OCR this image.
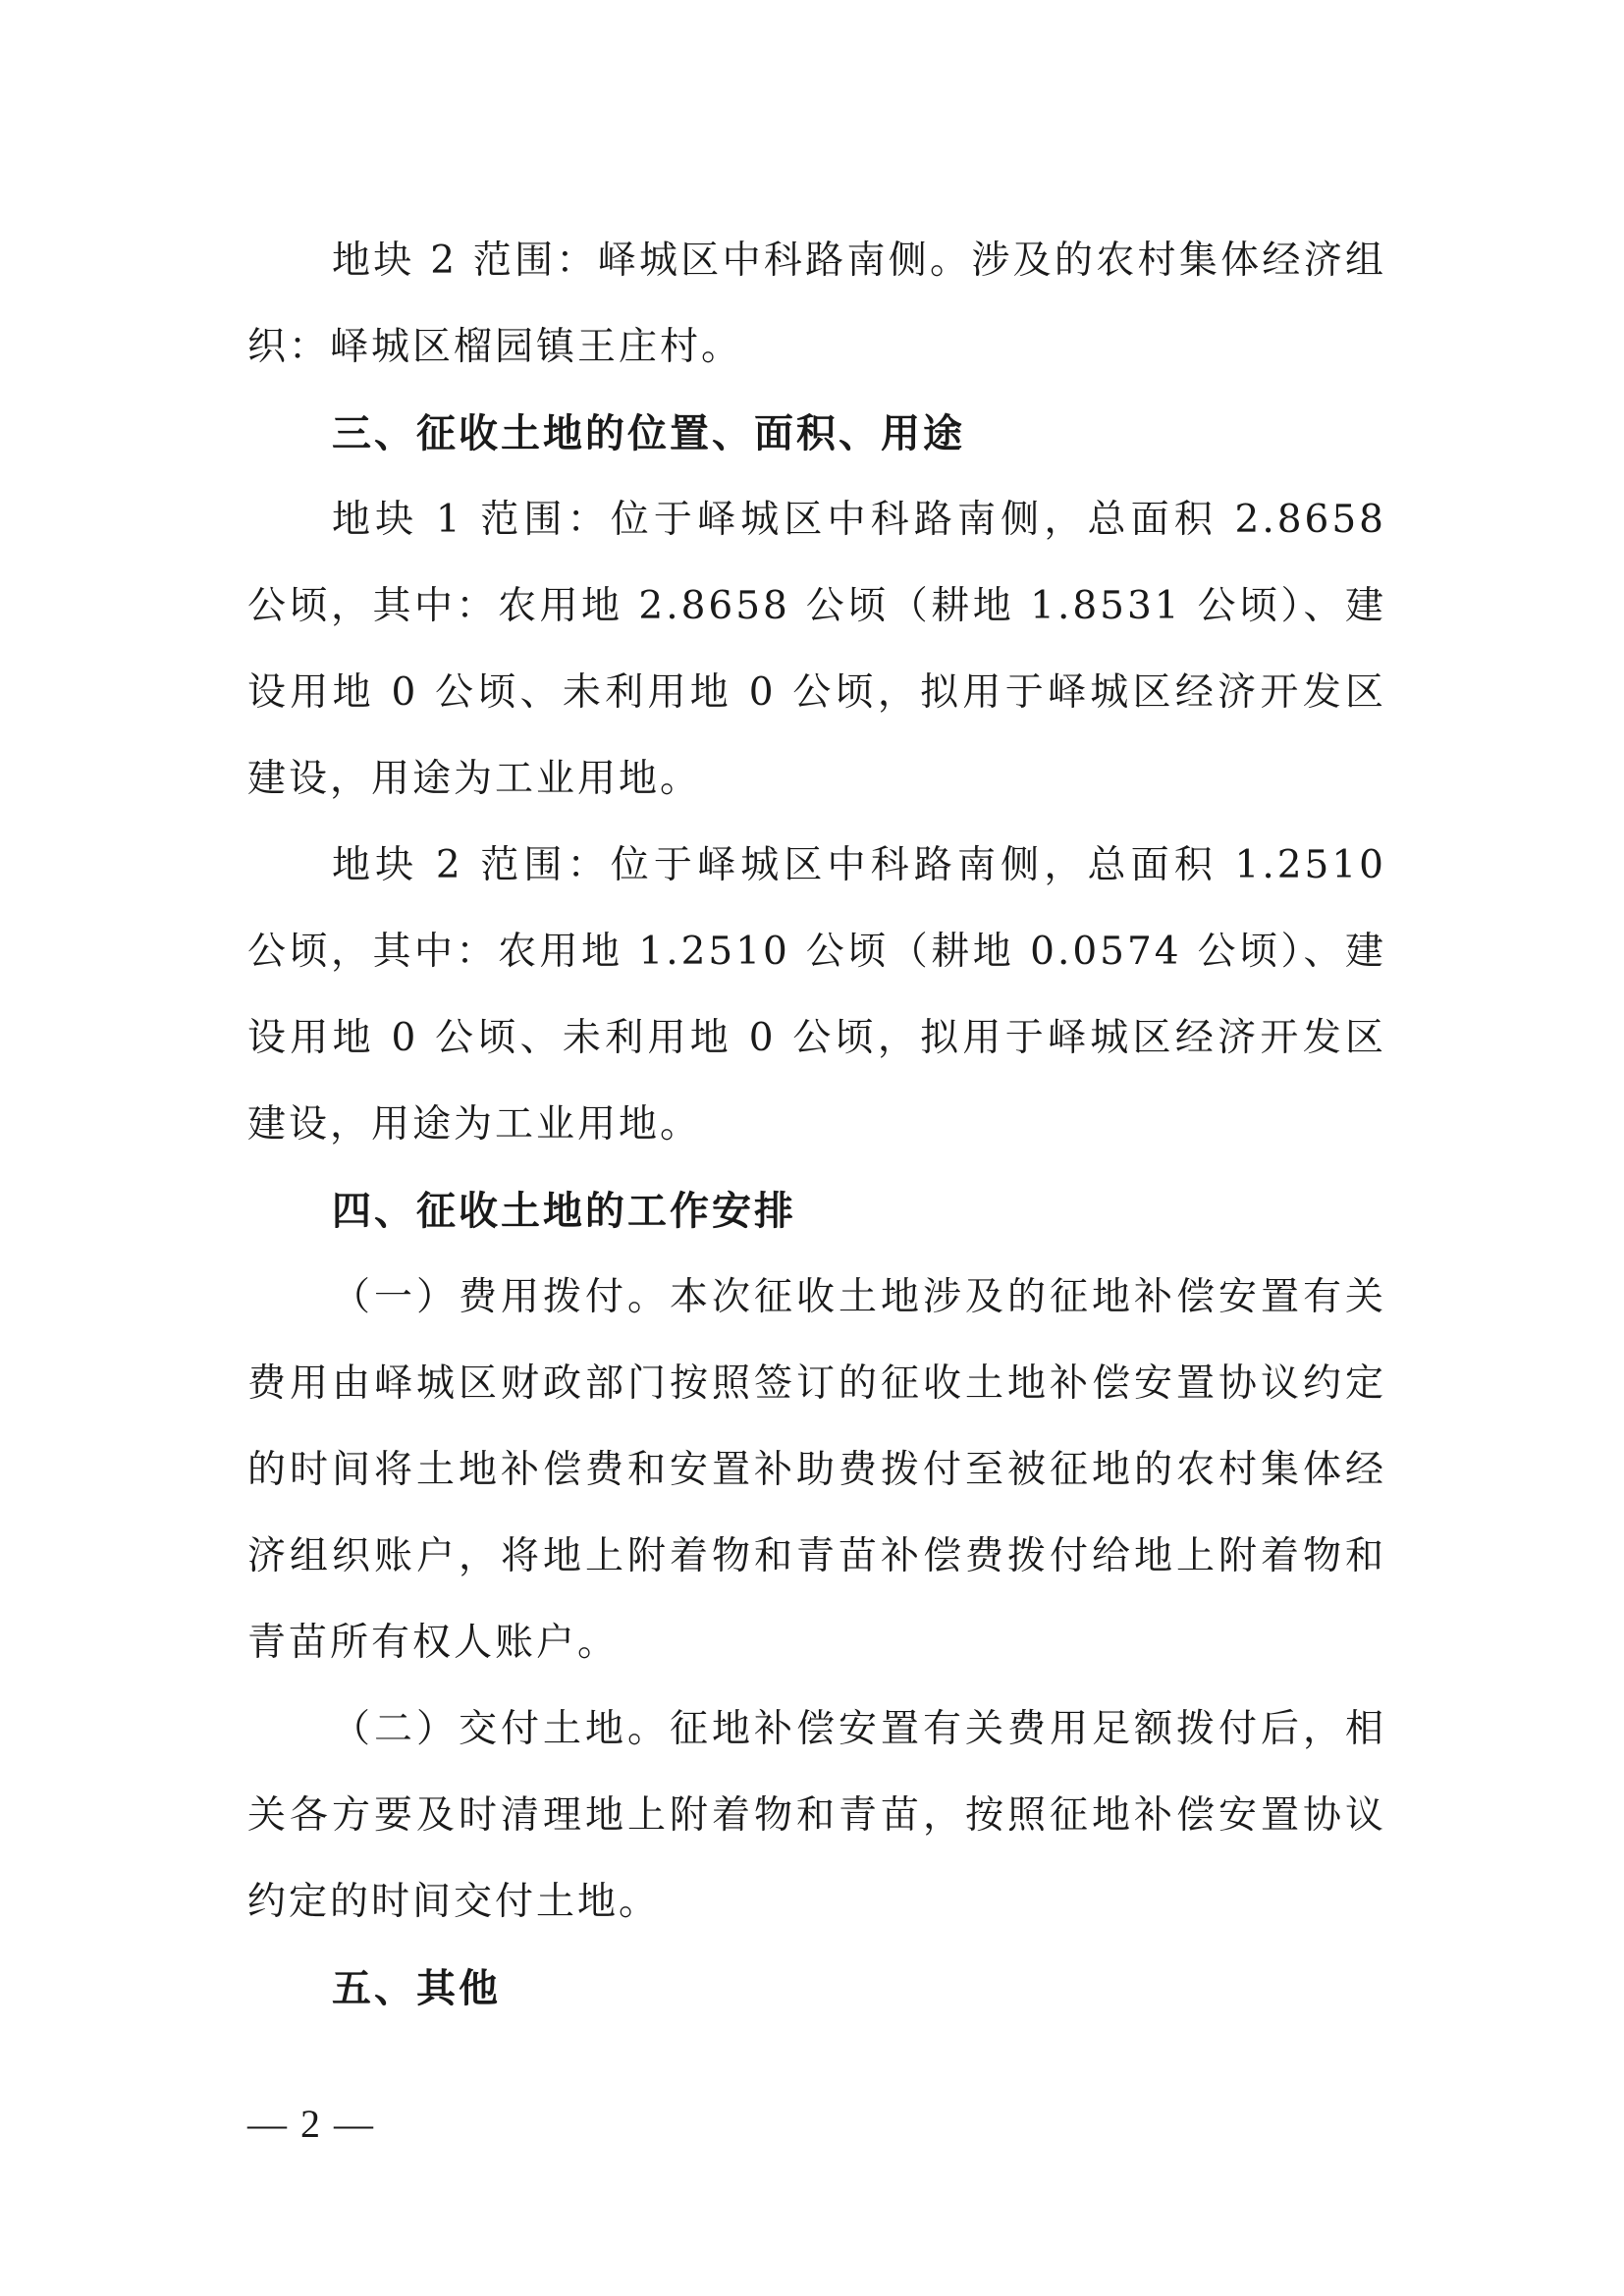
地块 2 范围：峄城区中科路南侧。涉及的农村集体经济组织：峄城区榴园镇王庄村。

三、征收土地的位置、面积、用途

地块 1 范围：位于峄城区中科路南侧，总面积 2.8658 公顷，其中：农用地 2.8658 公顷（耕地 1.8531 公顷）、建设用地 0 公顷、未利用地 0 公顷，拟用于峄城区经济开发区建设，用途为工业用地。

地块 2 范围：位于峄城区中科路南侧，总面积 1.2510 公顷，其中：农用地 1.2510 公顷（耕地 0.0574 公顷）、建设用地 0 公顷、未利用地 0 公顷，拟用于峄城区经济开发区建设，用途为工业用地。

四、征收土地的工作安排

（一）费用拨付。本次征收土地涉及的征地补偿安置有关费用由峄城区财政部门按照签订的征收土地补偿安置协议约定的时间将土地补偿费和安置补助费拨付至被征地的农村集体经济组织账户，将地上附着物和青苗补偿费拨付给地上附着物和青苗所有权人账户。

（二）交付土地。征地补偿安置有关费用足额拨付后，相关各方要及时清理地上附着物和青苗，按照征地补偿安置协议约定的时间交付土地。

五、其他

— 2 —
